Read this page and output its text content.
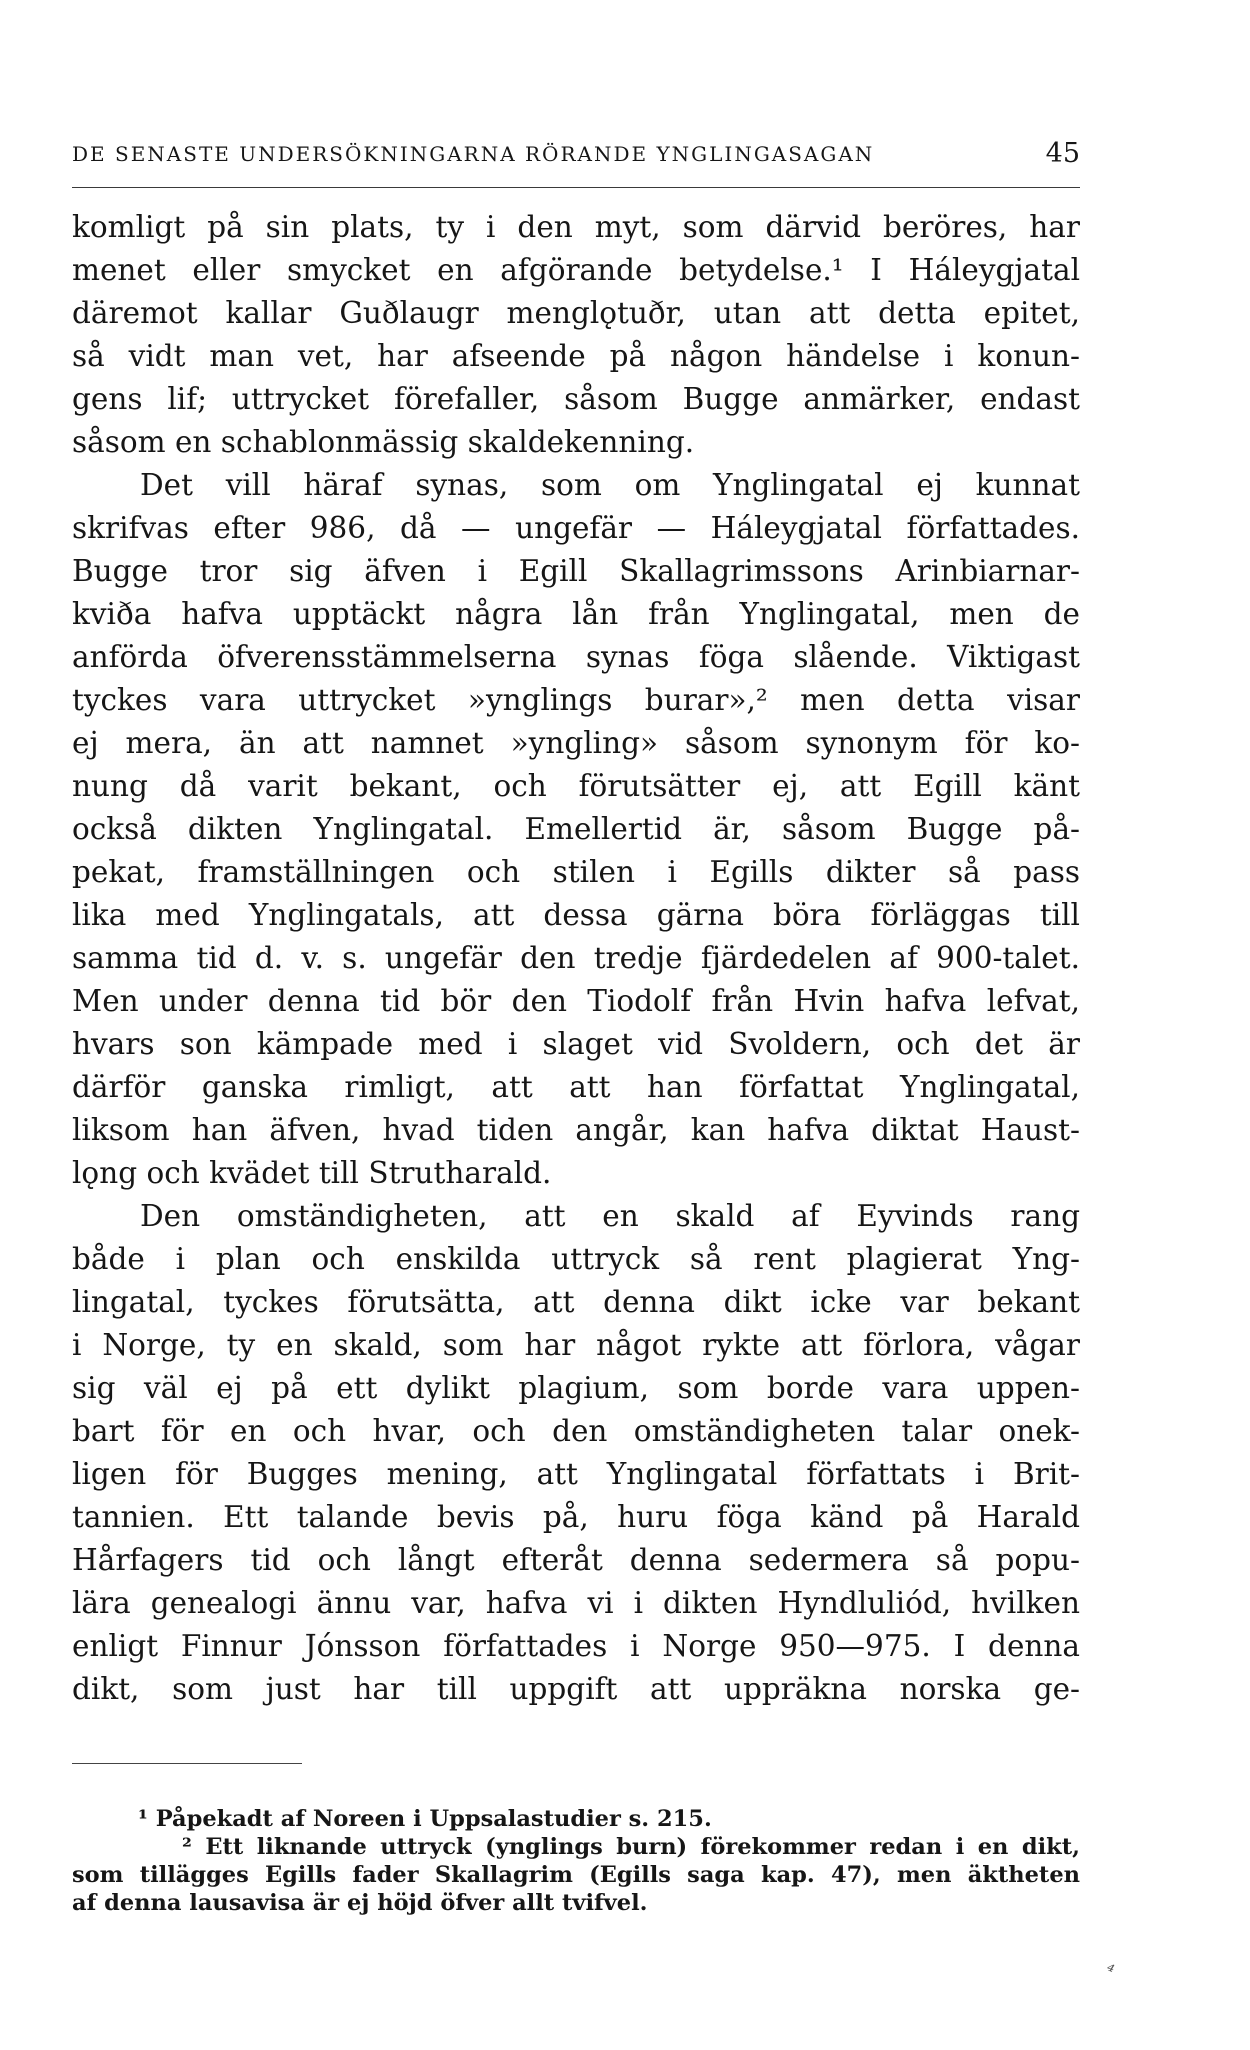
DE SENASTE UNDERSÖKNINGARNA RÖRANDE YNGLINGASAGAN	45
komligt på sin plats, ty i den myt, som därvid beröres, har
menet eller smycket en afgörande betydelse.¹ I Háleygjatal
däremot kallar Guðlaugr menglǫtuðr, utan att detta epitet,
så vidt man vet, har afseende på någon händelse i konun-
gens lif; uttrycket förefaller, såsom Bugge anmärker, endast
såsom en schablonmässig skaldekenning.
Det vill häraf synas, som om Ynglingatal ej kunnat
skrifvas efter 986, då — ungefär — Háleygjatal författades.
Bugge tror sig äfven i Egill Skallagrimssons Arinbiarnar-
kviða hafva upptäckt några lån från Ynglingatal, men de
anförda öfverensstämmelserna synas föga slående. Viktigast
tyckes vara uttrycket »ynglings burar»,² men detta visar
ej mera, än att namnet »yngling» såsom synonym för ko-
nung då varit bekant, och förutsätter ej, att Egill känt
också dikten Ynglingatal. Emellertid är, såsom Bugge på-
pekat, framställningen och stilen i Egills dikter så pass
lika med Ynglingatals, att dessa gärna böra förläggas till
samma tid d. v. s. ungefär den tredje fjärdedelen af 900-talet.
Men under denna tid bör den Tiodolf från Hvin hafva lefvat,
hvars son kämpade med i slaget vid Svoldern, och det är
därför ganska rimligt, att att han författat Ynglingatal,
liksom han äfven, hvad tiden angår, kan hafva diktat Haust-
lǫng och kvädet till Strutharald.
Den omständigheten, att en skald af Eyvinds rang
både i plan och enskilda uttryck så rent plagierat Yng-
lingatal, tyckes förutsätta, att denna dikt icke var bekant
i Norge, ty en skald, som har något rykte att förlora, vågar
sig väl ej på ett dylikt plagium, som borde vara uppen-
bart för en och hvar, och den omständigheten talar onek-
ligen för Bugges mening, att Ynglingatal författats i Brit-
tannien. Ett talande bevis på, huru föga känd på Harald
Hårfagers tid och långt efteråt denna sedermera så popu-
lära genealogi ännu var, hafva vi i dikten Hyndluliód, hvilken
enligt Finnur Jónsson författades i Norge 950—975. I denna
dikt, som just har till uppgift att uppräkna norska ge-
¹ Påpekadt af Noreen i Uppsalastudier s. 215.
² Ett liknande uttryck (ynglings burn) förekommer redan i en dikt,
som tillägges Egills fader Skallagrim (Egills saga kap. 47), men äktheten
af denna lausavisa är ej höjd öfver allt tvifvel.
⁴
